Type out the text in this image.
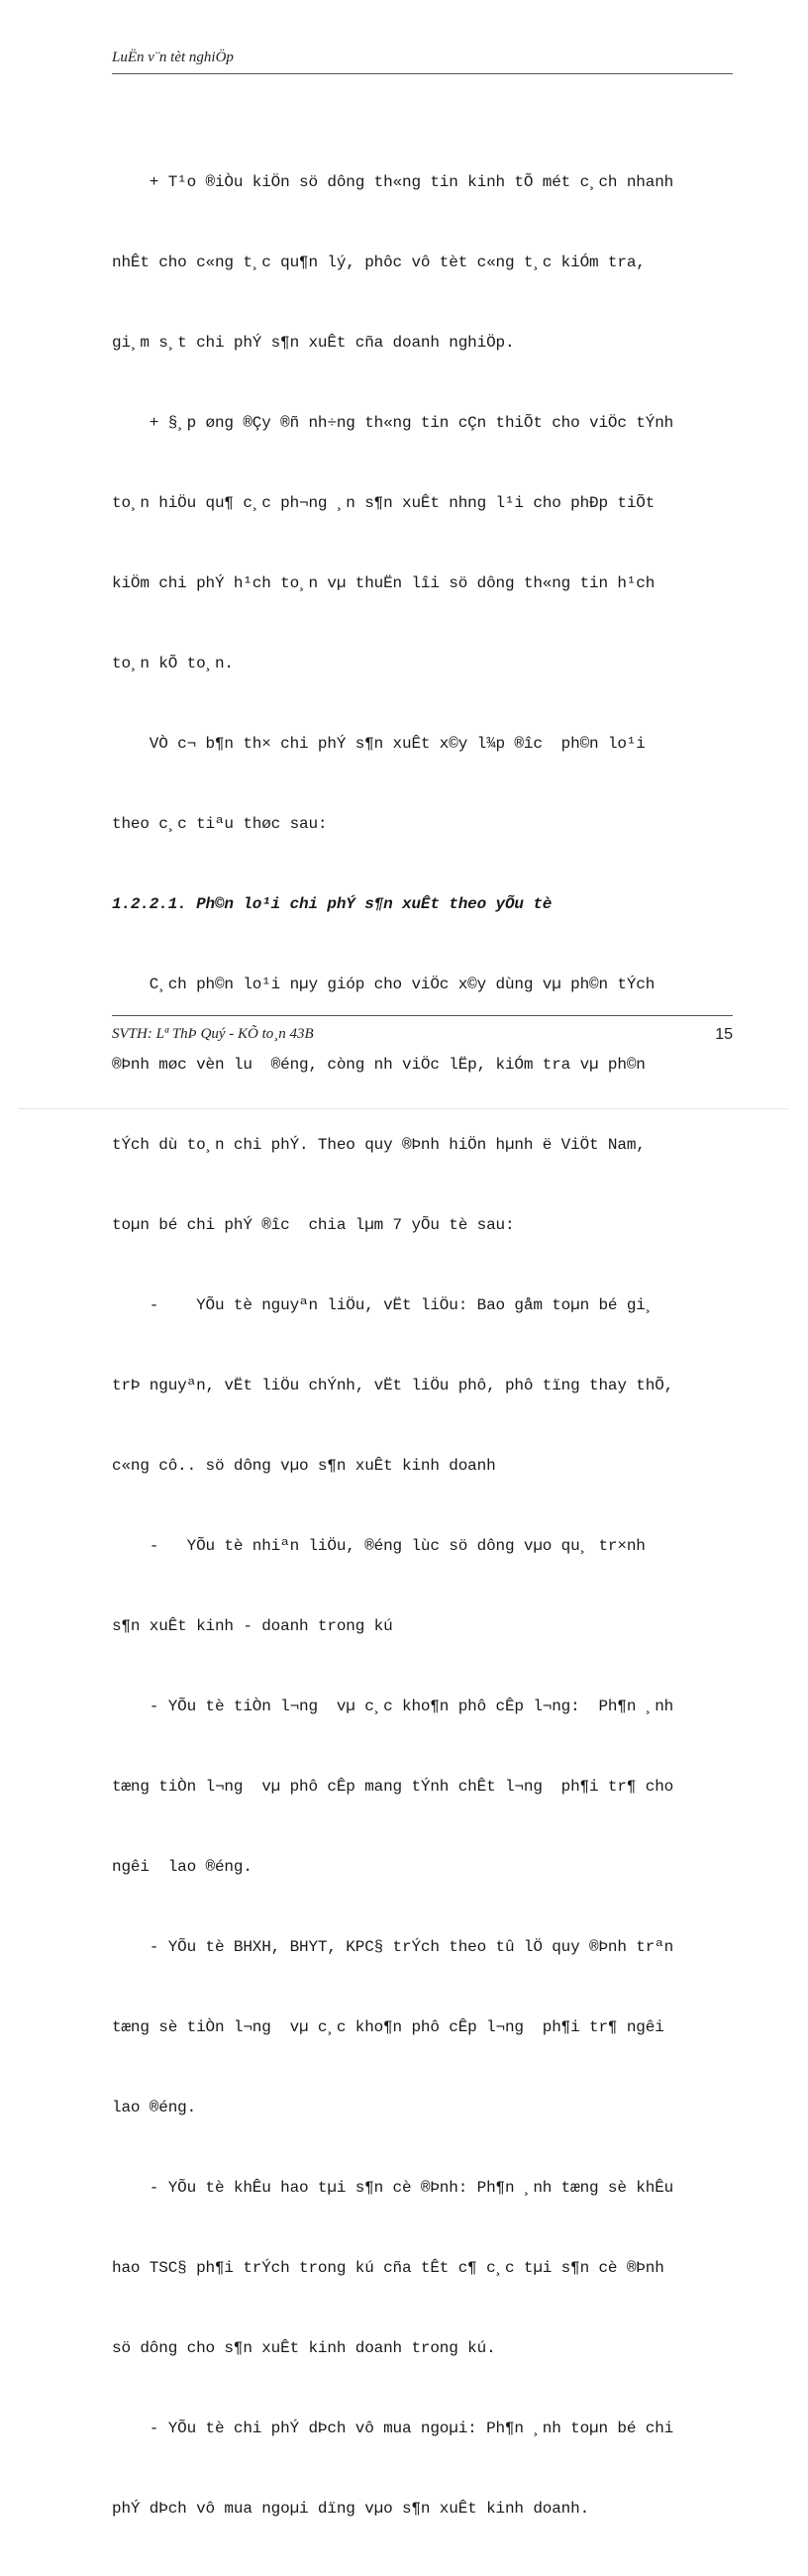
LuËn v¨n tèt nghiÖp

+ T¹o ®iÒu kiÖn sö dông th«ng tin kinh tÕ mét c¸ch nhanh

nhÊt cho c«ng t¸c qu¶n lý, phôc vô tèt c«ng t¸c kiÓm tra,

gi¸m s¸t chi phÝ s¶n xuÊt cña doanh nghiÖp.

+ §¸p øng ®Çy ®ñ nh÷ng th«ng tin cÇn thiÕt cho viÖc tÝnh

to¸n hiÖu qu¶ c¸c ph¬ng ¸n s¶n xuÊt nhng l¹i cho phÐp tiÕt

kiÖm chi phÝ h¹ch to¸n vµ thuËn lîi sö dông th«ng tin h¹ch

to¸n kÕ to¸n.

VÒ c¬ b¶n th× chi phÝ s¶n xuÊt x©y l¾p ®îc  ph©n lo¹i

theo c¸c tiªu thøc sau:

1.2.2.1. Ph©n lo¹i chi phÝ s¶n xuÊt theo yÕu tè

C¸ch ph©n lo¹i nµy gióp cho viÖc x©y dùng vµ ph©n tÝch

®Þnh møc vèn lu  ®éng, còng nh viÖc lËp, kiÓm tra vµ ph©n

tÝch dù to¸n chi phÝ. Theo quy ®Þnh hiÖn hµnh ë ViÖt Nam,

toµn bé chi phÝ ®îc  chia lµm 7 yÕu tè sau:

-    YÕu tè nguyªn liÖu, vËt liÖu: Bao gåm toµn bé gi¸

trÞ nguyªn, vËt liÖu chÝnh, vËt liÖu phô, phô tïng thay thÕ,

c«ng cô.. sö dông vµo s¶n xuÊt kinh doanh

-   YÕu tè nhiªn liÖu, ®éng lùc sö dông vµo qu¸ tr×nh

s¶n xuÊt kinh - doanh trong kú

- YÕu tè tiÒn l¬ng  vµ c¸c kho¶n phô cÊp l¬ng:  Ph¶n ¸nh

tæng tiÒn l¬ng  vµ phô cÊp mang tÝnh chÊt l¬ng  ph¶i tr¶ cho

ngêi  lao ®éng.

- YÕu tè BHXH, BHYT, KPC§ trÝch theo tû lÖ quy ®Þnh trªn

tæng sè tiÒn l¬ng  vµ c¸c kho¶n phô cÊp l¬ng  ph¶i tr¶ ngêi

lao ®éng.

- YÕu tè khÊu hao tµi s¶n cè ®Þnh: Ph¶n ¸nh tæng sè khÊu

hao TSC§ ph¶i trÝch trong kú cña tÊt c¶ c¸c tµi s¶n cè ®Þnh

sö dông cho s¶n xuÊt kinh doanh trong kú.

- YÕu tè chi phÝ dÞch vô mua ngoµi: Ph¶n ¸nh toµn bé chi

phÝ dÞch vô mua ngoµi dïng vµo s¶n xuÊt kinh doanh.

SVTH: Lª ThÞ Quý - KÕ to¸n 43B	15
